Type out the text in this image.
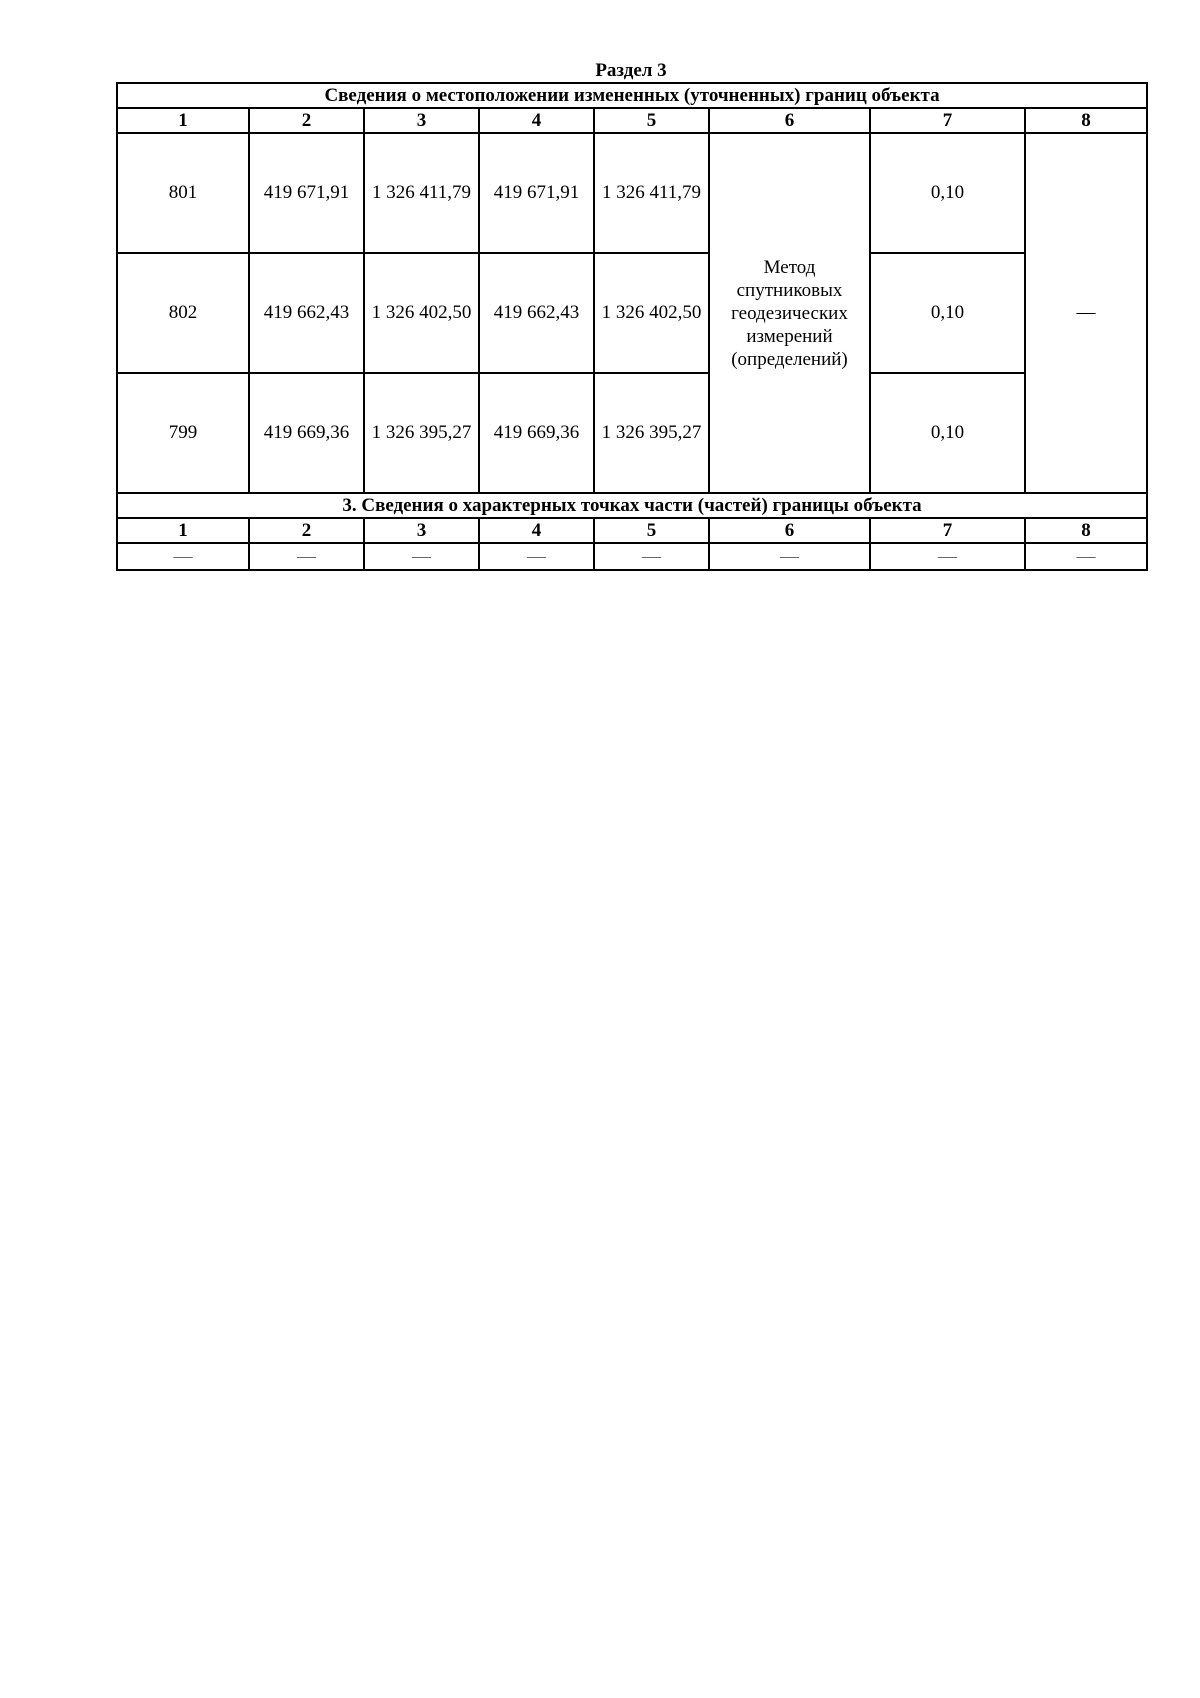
Раздел 3
Сведения о местоположении измененных (уточненных) границ объекта							
1	2	3	4	5	6	7	8
801	419 671,91	1 326 411,79	419 671,91	1 326 411,79	Метод
спутниковых
геодезических
измерений
(определений)	0,10	—
802	419 662,43	1 326 402,50	419 662,43	1 326 402,50		0,10	
799	419 669,36	1 326 395,27	419 669,36	1 326 395,27		0,10	
3. Сведения о характерных точках части (частей) границы объекта							
1	2	3	4	5	6	7	8
—	—	—	—	—	—	—	—
